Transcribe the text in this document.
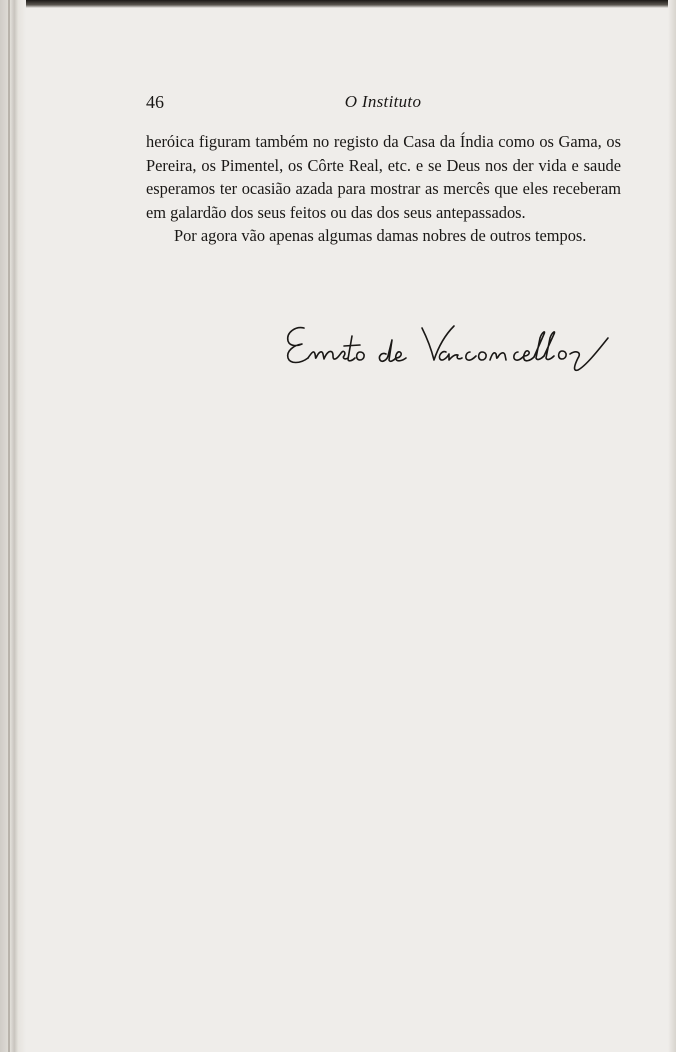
46	O Instituto

heróica figuram também no registo da Casa da Índia como os Gama, os Pereira, os Pimentel, os Côrte Real, etc. e se Deus nos der vida e saude esperamos ter ocasião azada para mostrar as mercês que eles receberam em galardão dos seus feitos ou das dos seus antepassados.

Por agora vão apenas algumas damas nobres de outros tempos.
